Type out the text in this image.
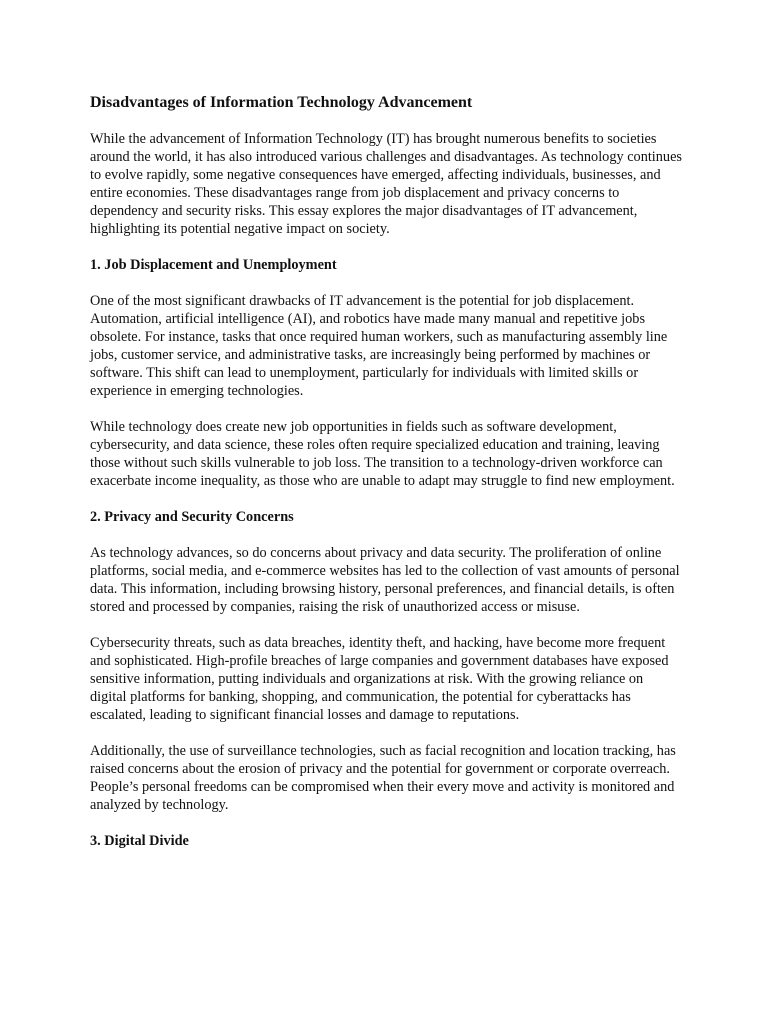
Disadvantages of Information Technology Advancement

While the advancement of Information Technology (IT) has brought numerous benefits to societies around the world, it has also introduced various challenges and disadvantages. As technology continues to evolve rapidly, some negative consequences have emerged, affecting individuals, businesses, and entire economies. These disadvantages range from job displacement and privacy concerns to dependency and security risks. This essay explores the major disadvantages of IT advancement, highlighting its potential negative impact on society.

1. Job Displacement and Unemployment

One of the most significant drawbacks of IT advancement is the potential for job displacement. Automation, artificial intelligence (AI), and robotics have made many manual and repetitive jobs obsolete. For instance, tasks that once required human workers, such as manufacturing assembly line jobs, customer service, and administrative tasks, are increasingly being performed by machines or software. This shift can lead to unemployment, particularly for individuals with limited skills or experience in emerging technologies.

While technology does create new job opportunities in fields such as software development, cybersecurity, and data science, these roles often require specialized education and training, leaving those without such skills vulnerable to job loss. The transition to a technology-driven workforce can exacerbate income inequality, as those who are unable to adapt may struggle to find new employment.

2. Privacy and Security Concerns

As technology advances, so do concerns about privacy and data security. The proliferation of online platforms, social media, and e-commerce websites has led to the collection of vast amounts of personal data. This information, including browsing history, personal preferences, and financial details, is often stored and processed by companies, raising the risk of unauthorized access or misuse.

Cybersecurity threats, such as data breaches, identity theft, and hacking, have become more frequent and sophisticated. High-profile breaches of large companies and government databases have exposed sensitive information, putting individuals and organizations at risk. With the growing reliance on digital platforms for banking, shopping, and communication, the potential for cyberattacks has escalated, leading to significant financial losses and damage to reputations.

Additionally, the use of surveillance technologies, such as facial recognition and location tracking, has raised concerns about the erosion of privacy and the potential for government or corporate overreach. People’s personal freedoms can be compromised when their every move and activity is monitored and analyzed by technology.

3. Digital Divide
